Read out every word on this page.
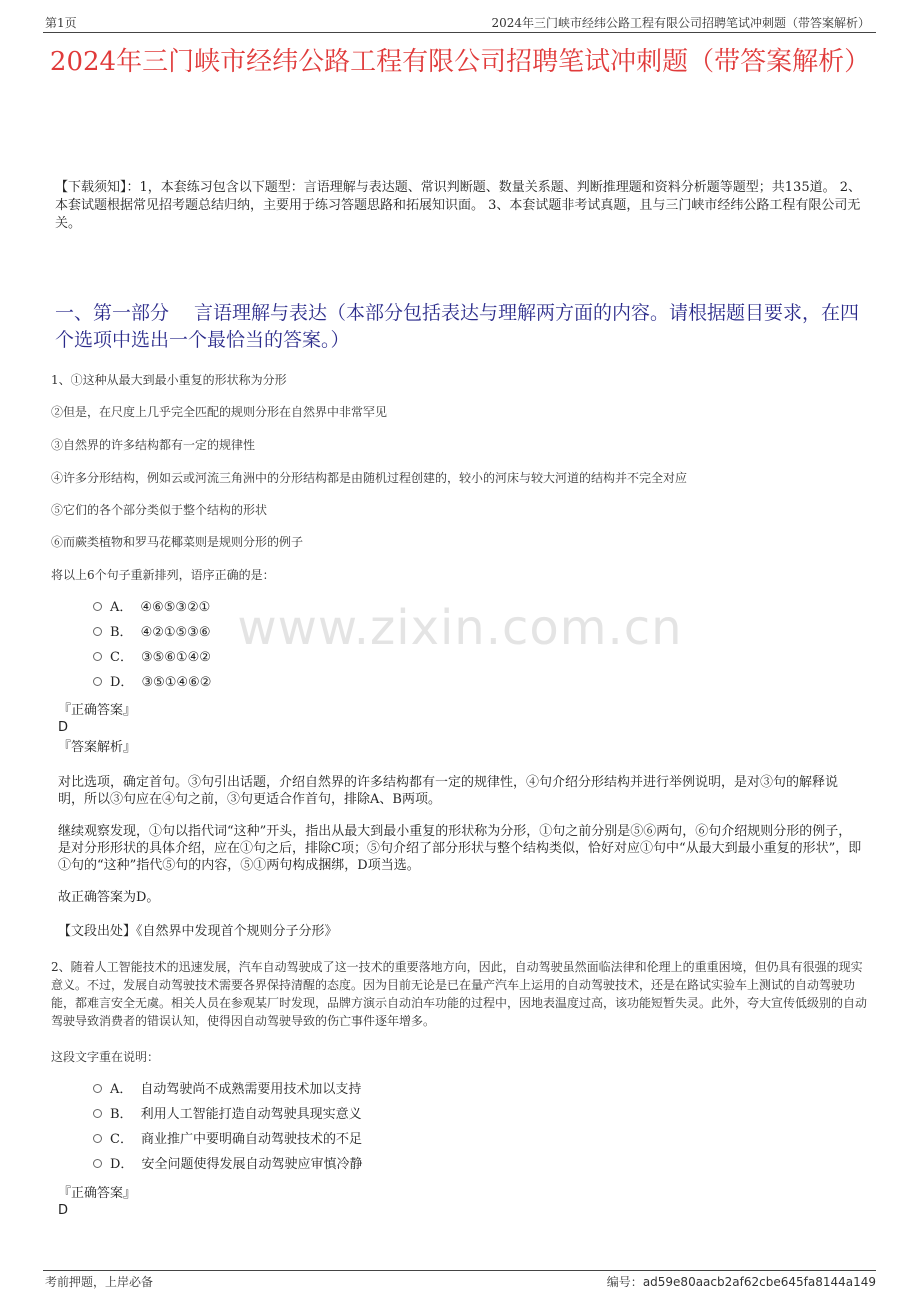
第1页	2024年三门峡市经纬公路工程有限公司招聘笔试冲刺题（带答案解析）
2024年三门峡市经纬公路工程有限公司招聘笔试冲刺题（带答案解析）
【下载须知】：1，本套练习包含以下题型：言语理解与表达题、常识判断题、数量关系题、判断推理题和资料分析题等题型；共135道。 2、本套试题根据常见招考题总结归纳，主要用于练习答题思路和拓展知识面。 3、本套试题非考试真题，且与三门峡市经纬公路工程有限公司无关。
一、第一部分　 言语理解与表达（本部分包括表达与理解两方面的内容。请根据题目要求，在四个选项中选出一个最恰当的答案。）
www.zixin.com.cn
1、①这种从最大到最小重复的形状称为分形
②但是，在尺度上几乎完全匹配的规则分形在自然界中非常罕见
③自然界的许多结构都有一定的规律性
④许多分形结构，例如云或河流三角洲中的分形结构都是由随机过程创建的，较小的河床与较大河道的结构并不完全对应
⑤它们的各个部分类似于整个结构的形状
⑥而蕨类植物和罗马花椰菜则是规则分形的例子
将以上6个句子重新排列，语序正确的是：
A． ④⑥⑤③②①
B． ④②①⑤③⑥
C． ③⑤⑥①④②
D． ③⑤①④⑥②
『正确答案』
D
『答案解析』
对比选项，确定首句。③句引出话题，介绍自然界的许多结构都有一定的规律性，④句介绍分形结构并进行举例说明，是对③句的解释说明，所以③句应在④句之前，③句更适合作首句，排除A、B两项。
继续观察发现，①句以指代词“这种”开头，指出从最大到最小重复的形状称为分形，①句之前分别是⑤⑥两句，⑥句介绍规则分形的例子，是对分形形状的具体介绍，应在①句之后，排除C项；⑤句介绍了部分形状与整个结构类似，恰好对应①句中“从最大到最小重复的形状”，即①句的“这种”指代⑤句的内容，⑤①两句构成捆绑，D项当选。
故正确答案为D。
【文段出处】《自然界中发现首个规则分子分形》
2、随着人工智能技术的迅速发展，汽车自动驾驶成了这一技术的重要落地方向，因此，自动驾驶虽然面临法律和伦理上的重重困境，但仍具有很强的现实意义。不过，发展自动驾驶技术需要各界保持清醒的态度。因为目前无论是已在量产汽车上运用的自动驾驶技术，还是在路试实验车上测试的自动驾驶功能，都难言安全无虞。相关人员在参观某厂时发现，品牌方演示自动泊车功能的过程中，因地表温度过高，该功能短暂失灵。此外，夸大宣传低级别的自动驾驶导致消费者的错误认知，使得因自动驾驶导致的伤亡事件逐年增多。
这段文字重在说明：
A． 自动驾驶尚不成熟需要用技术加以支持
B． 利用人工智能打造自动驾驶具现实意义
C． 商业推广中要明确自动驾驶技术的不足
D． 安全问题使得发展自动驾驶应审慎冷静
『正确答案』
D
考前押题，上岸必备	编号：ad59e80aacb2af62cbe645fa8144a149
